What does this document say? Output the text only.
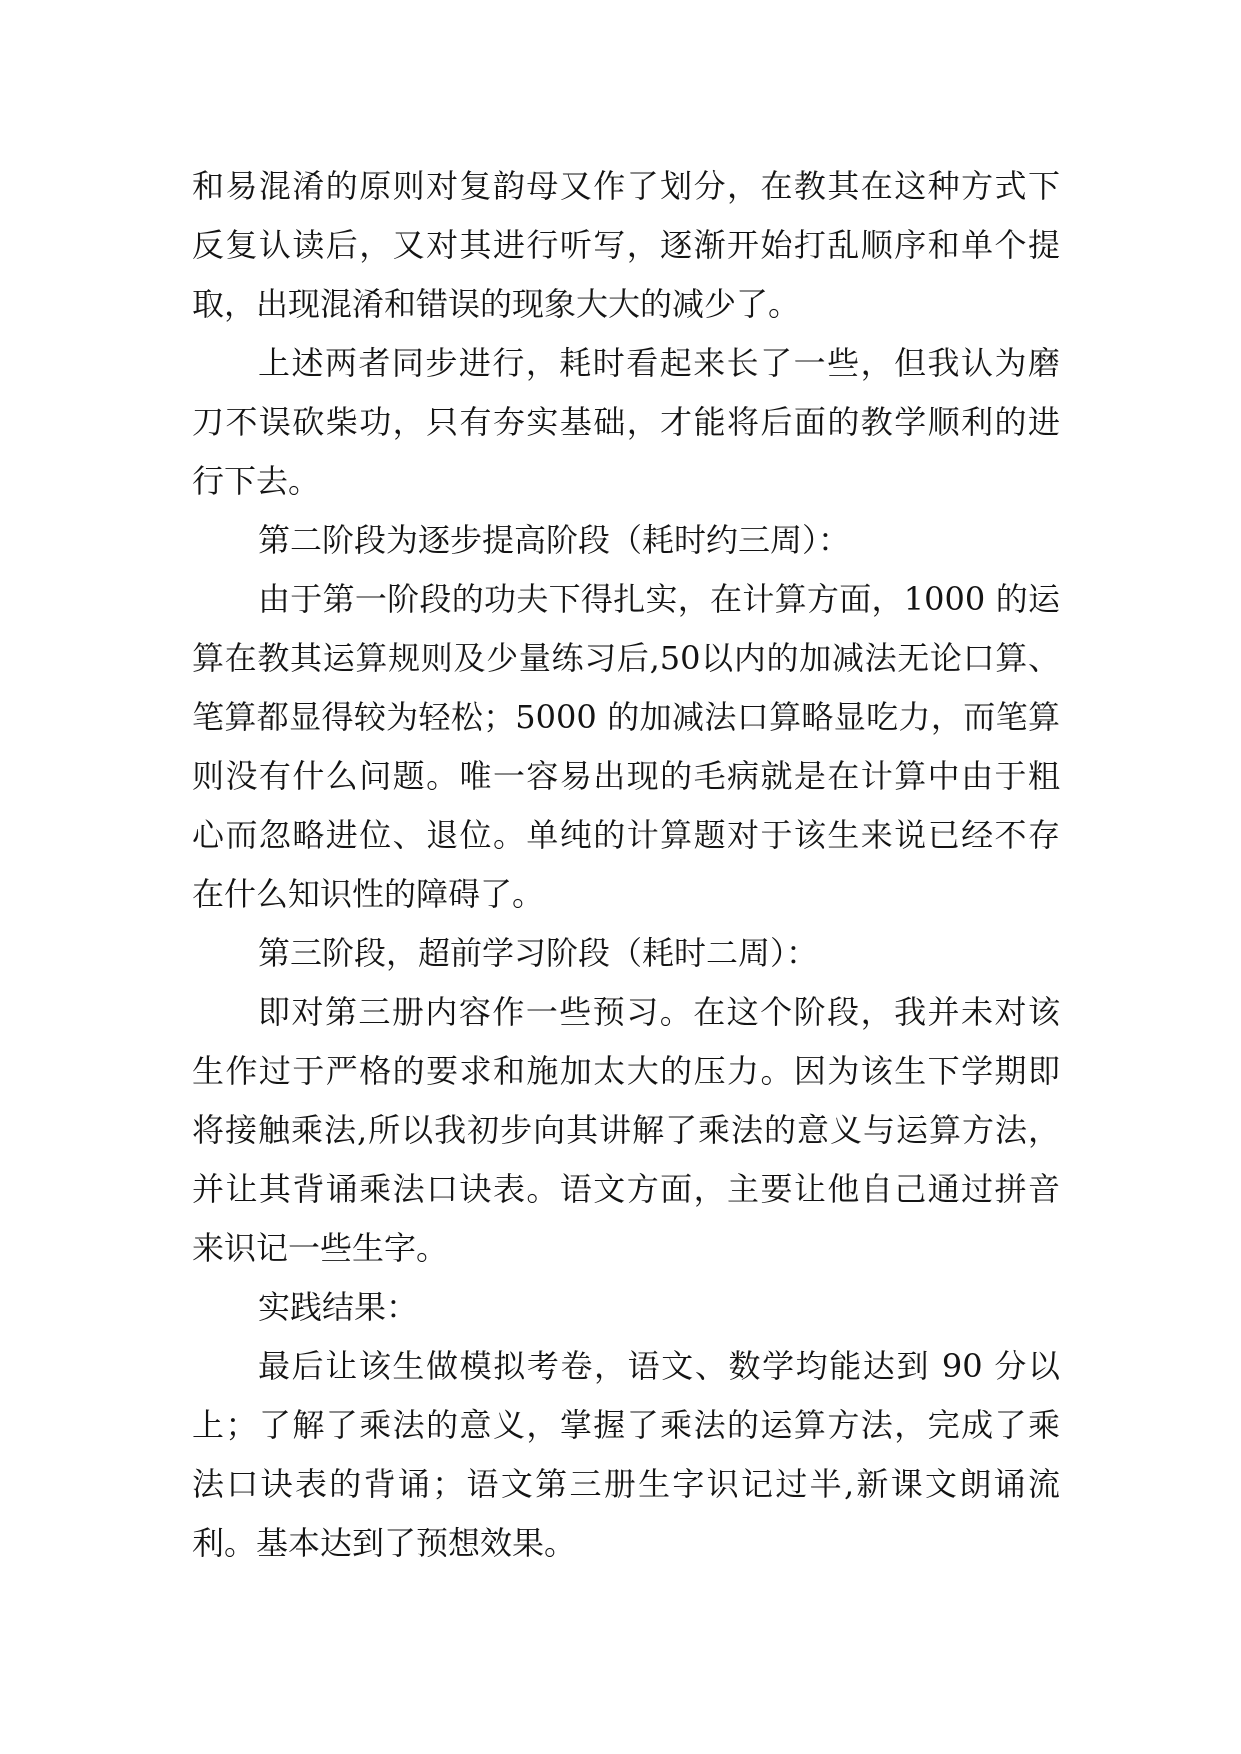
和易混淆的原则对复韵母又作了划分，在教其在这种方式下
反复认读后，又对其进行听写，逐渐开始打乱顺序和单个提
取，出现混淆和错误的现象大大的减少了。
上述两者同步进行，耗时看起来长了一些，但我认为磨
刀不误砍柴功，只有夯实基础，才能将后面的教学顺利的进
行下去。
第二阶段为逐步提高阶段（耗时约三周）：
由于第一阶段的功夫下得扎实，在计算方面，1000 的运
算在教其运算规则及少量练习后,50以内的加减法无论口算、
笔算都显得较为轻松；5000 的加减法口算略显吃力，而笔算
则没有什么问题。唯一容易出现的毛病就是在计算中由于粗
心而忽略进位、退位。单纯的计算题对于该生来说已经不存
在什么知识性的障碍了。
第三阶段，超前学习阶段（耗时二周）：
即对第三册内容作一些预习。在这个阶段，我并未对该
生作过于严格的要求和施加太大的压力。因为该生下学期即
将接触乘法,所以我初步向其讲解了乘法的意义与运算方法，
并让其背诵乘法口诀表。语文方面，主要让他自己通过拼音
来识记一些生字。
实践结果：
最后让该生做模拟考卷，语文、数学均能达到 90 分以
上；了解了乘法的意义，掌握了乘法的运算方法，完成了乘
法口诀表的背诵；语文第三册生字识记过半,新课文朗诵流
利。基本达到了预想效果。
